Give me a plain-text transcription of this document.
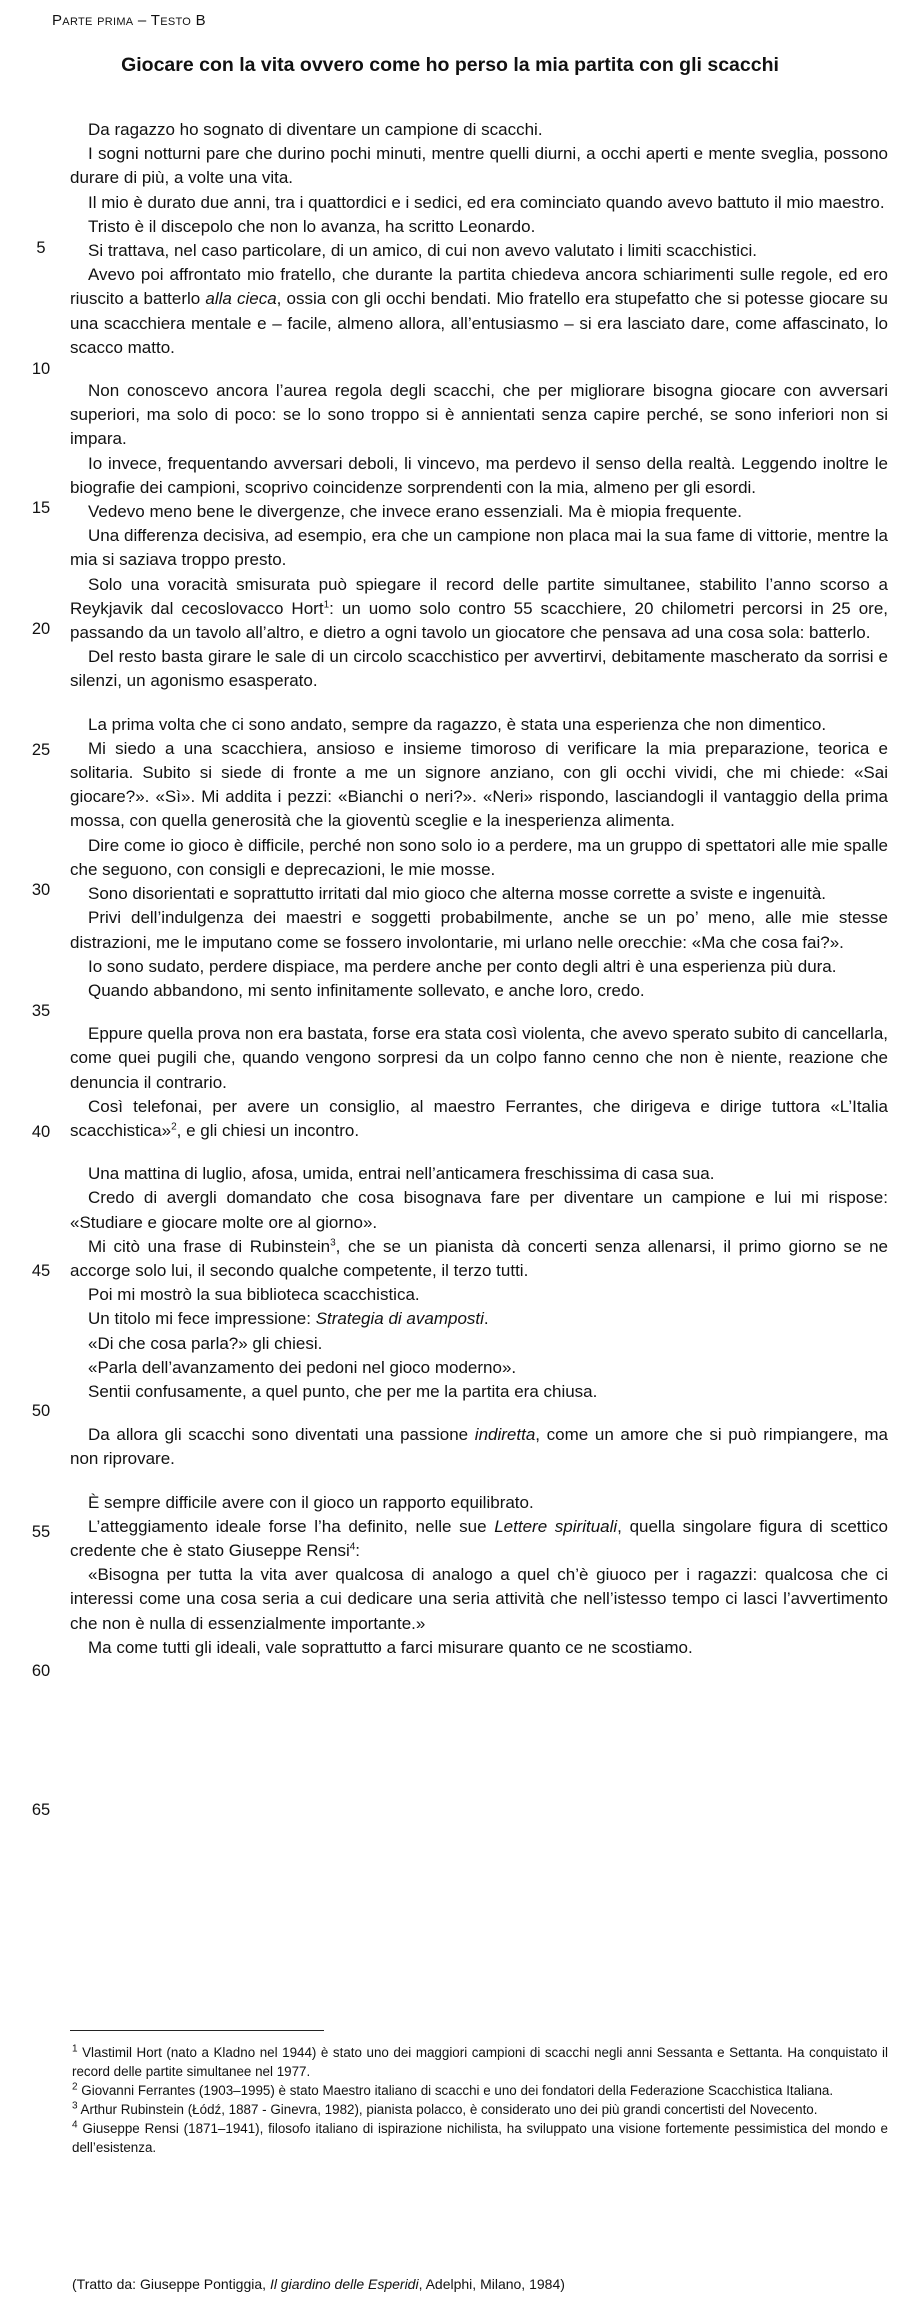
Parte prima – Testo B
Giocare con la vita ovvero come ho perso la mia partita con gli scacchi
5
10
15
20
25
30
35
40
45
50
55
60
65

Da ragazzo ho sognato di diventare un campione di scacchi.

I sogni notturni pare che durino pochi minuti, mentre quelli diurni, a occhi aperti e mente sveglia, possono durare di più, a volte una vita.

Il mio è durato due anni, tra i quattordici e i sedici, ed era cominciato quando avevo battuto il mio maestro.

Tristo è il discepolo che non lo avanza, ha scritto Leonardo.

Si trattava, nel caso particolare, di un amico, di cui non avevo valutato i limiti scacchistici.

Avevo poi affrontato mio fratello, che durante la partita chiedeva ancora schiarimenti sulle regole, ed ero riuscito a batterlo alla cieca, ossia con gli occhi bendati. Mio fratello era stupefatto che si potesse giocare su una scacchiera mentale e – facile, almeno allora, all’entusiasmo – si era lasciato dare, come affascinato, lo scacco matto.

Non conoscevo ancora l’aurea regola degli scacchi, che per migliorare bisogna giocare con avversari superiori, ma solo di poco: se lo sono troppo si è annientati senza capire perché, se sono inferiori non si impara.

Io invece, frequentando avversari deboli, li vincevo, ma perdevo il senso della realtà. Leggendo inoltre le biografie dei campioni, scoprivo coincidenze sorprendenti con la mia, almeno per gli esordi.

Vedevo meno bene le divergenze, che invece erano essenziali. Ma è miopia frequente.

Una differenza decisiva, ad esempio, era che un campione non placa mai la sua fame di vittorie, mentre la mia si saziava troppo presto.

Solo una voracità smisurata può spiegare il record delle partite simultanee, stabilito l’anno scorso a Reykjavik dal cecoslovacco Hort$^1$: un uomo solo contro 55 scacchiere, 20 chilometri percorsi in 25 ore, passando da un tavolo all’altro, e dietro a ogni tavolo un giocatore che pensava ad una cosa sola: batterlo.

Del resto basta girare le sale di un circolo scacchistico per avvertirvi, debitamente mascherato da sorrisi e silenzi, un agonismo esasperato.

La prima volta che ci sono andato, sempre da ragazzo, è stata una esperienza che non dimentico.

Mi siedo a una scacchiera, ansioso e insieme timoroso di verificare la mia preparazione, teorica e solitaria. Subito si siede di fronte a me un signore anziano, con gli occhi vividi, che mi chiede: «Sai giocare?». «Sì». Mi addita i pezzi: «Bianchi o neri?». «Neri» rispondo, lasciandogli il vantaggio della prima mossa, con quella generosità che la gioventù sceglie e la inesperienza alimenta.

Dire come io gioco è difficile, perché non sono solo io a perdere, ma un gruppo di spettatori alle mie spalle che seguono, con consigli e deprecazioni, le mie mosse.

Sono disorientati e soprattutto irritati dal mio gioco che alterna mosse corrette a sviste e ingenuità.

Privi dell’indulgenza dei maestri e soggetti probabilmente, anche se un po’ meno, alle mie stesse distrazioni, me le imputano come se fossero involontarie, mi urlano nelle orecchie: «Ma che cosa fai?».

Io sono sudato, perdere dispiace, ma perdere anche per conto degli altri è una esperienza più dura.

Quando abbandono, mi sento infinitamente sollevato, e anche loro, credo.

Eppure quella prova non era bastata, forse era stata così violenta, che avevo sperato subito di cancellarla, come quei pugili che, quando vengono sorpresi da un colpo fanno cenno che non è niente, reazione che denuncia il contrario.

Così telefonai, per avere un consiglio, al maestro Ferrantes, che dirigeva e dirige tuttora «L’Italia scacchistica»$^2$, e gli chiesi un incontro.

Una mattina di luglio, afosa, umida, entrai nell’anticamera freschissima di casa sua.

Credo di avergli domandato che cosa bisognava fare per diventare un campione e lui mi rispose: «Studiare e giocare molte ore al giorno».

Mi citò una frase di Rubinstein$^3$, che se un pianista dà concerti senza allenarsi, il primo giorno se ne accorge solo lui, il secondo qualche competente, il terzo tutti.

Poi mi mostrò la sua biblioteca scacchistica.

Un titolo mi fece impressione: Strategia di avamposti.

«Di che cosa parla?» gli chiesi.

«Parla dell’avanzamento dei pedoni nel gioco moderno».

Sentii confusamente, a quel punto, che per me la partita era chiusa.

Da allora gli scacchi sono diventati una passione indiretta, come un amore che si può rimpiangere, ma non riprovare.

È sempre difficile avere con il gioco un rapporto equilibrato.

L’atteggiamento ideale forse l’ha definito, nelle sue Lettere spirituali, quella singolare figura di scettico credente che è stato Giuseppe Rensi$^4$:

«Bisogna per tutta la vita aver qualcosa di analogo a quel ch’è giuoco per i ragazzi: qualcosa che ci interessi come una cosa seria a cui dedicare una seria attività che nell’istesso tempo ci lasci l’avvertimento che non è nulla di essenzialmente importante.»

Ma come tutti gli ideali, vale soprattutto a farci misurare quanto ce ne scostiamo.

$^1$ Vlastimil Hort (nato a Kladno nel 1944) è stato uno dei maggiori campioni di scacchi negli anni Sessanta e Settanta. Ha conquistato il record delle partite simultanee nel 1977.

$^2$ Giovanni Ferrantes (1903–1995) è stato Maestro italiano di scacchi e uno dei fondatori della Federazione Scacchistica Italiana.

$^3$ Arthur Rubinstein (Łódź, 1887 - Ginevra, 1982), pianista polacco, è considerato uno dei più grandi concertisti del Novecento.

$^4$ Giuseppe Rensi (1871–1941), filosofo italiano di ispirazione nichilista, ha sviluppato una visione fortemente pessimistica del mondo e dell’esistenza.

(Tratto da: Giuseppe Pontiggia, Il giardino delle Esperidi, Adelphi, Milano, 1984)
